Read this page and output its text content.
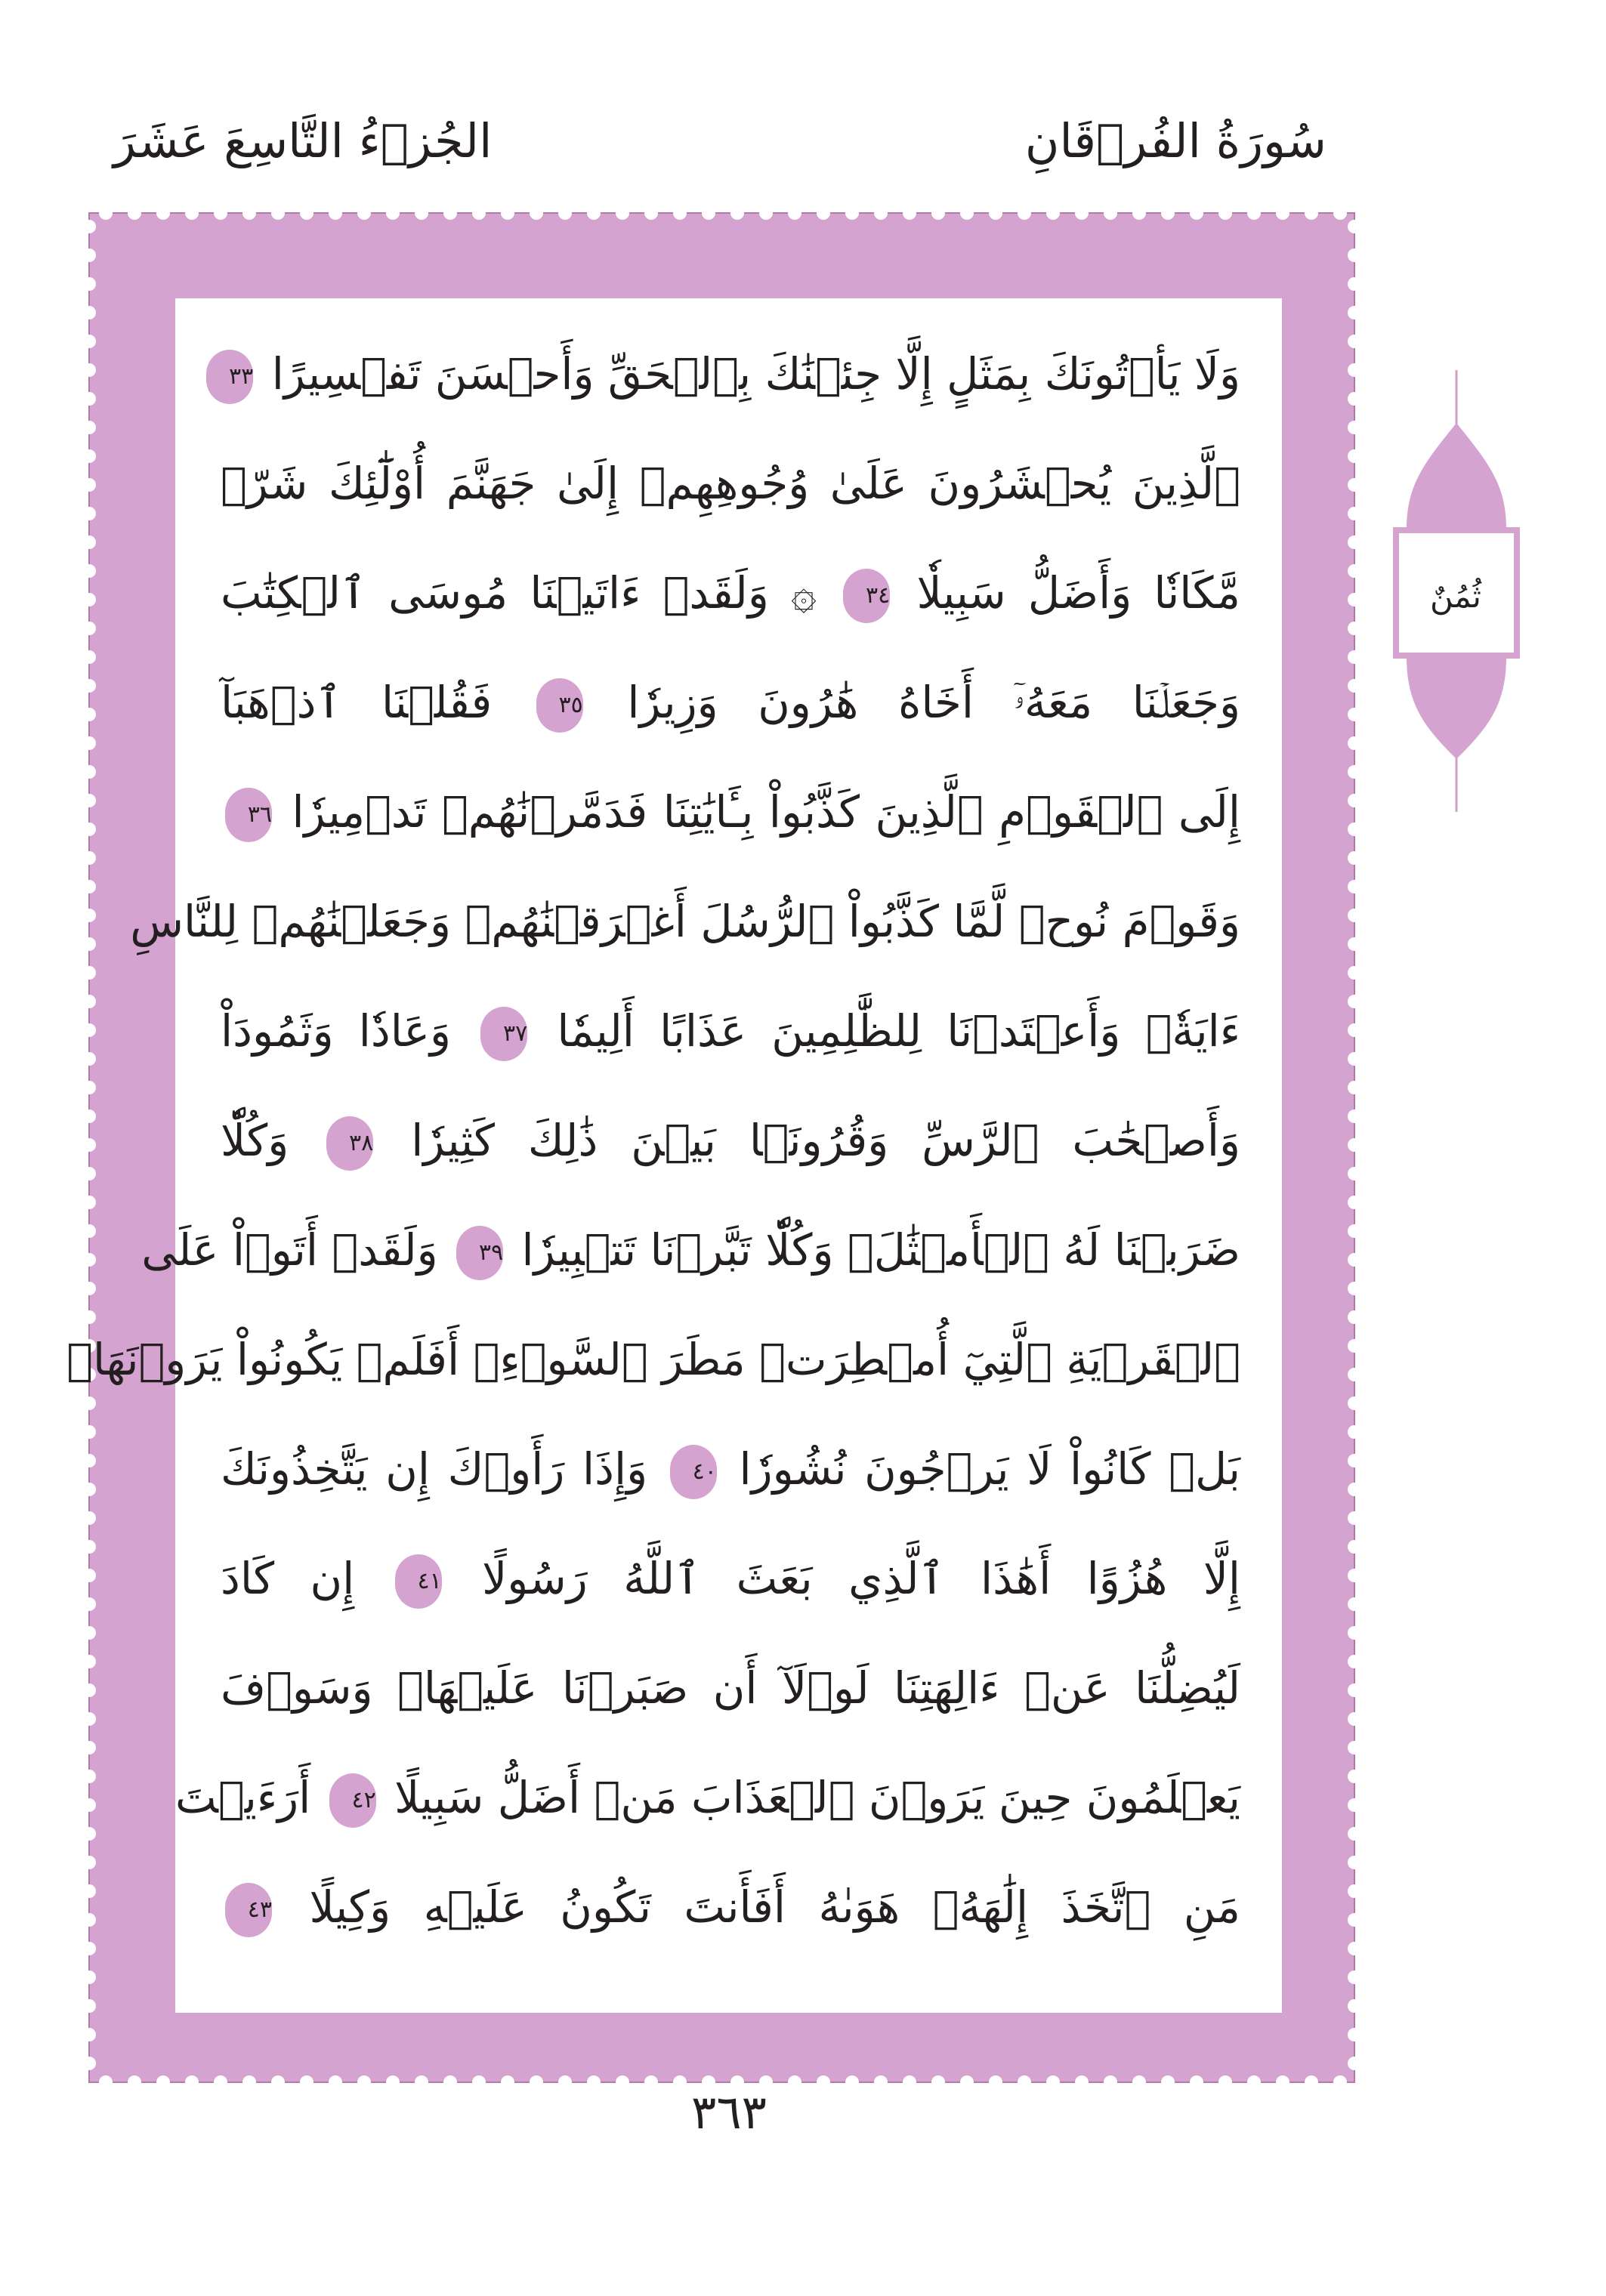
سُورَةُ الفُرۡقَانِ
الجُزۡءُ التَّاسِعَ عَشَرَ
ثُمُنٌ
وَلَا يَأۡتُونَكَ بِمَثَلٍ إِلَّا جِئۡنَٰكَ بِٱلۡحَقِّ وَأَحۡسَنَ تَفۡسِيرًا ٣٣
ٱلَّذِينَ يُحۡشَرُونَ عَلَىٰ وُجُوهِهِمۡ إِلَىٰ جَهَنَّمَ أُوْلَٰٓئِكَ شَرّٞ
مَّكَانٗا وَأَضَلُّ سَبِيلٗا ٣٤ ۞ وَلَقَدۡ ءَاتَيۡنَا مُوسَى ٱلۡكِتَٰبَ
وَجَعَلۡنَا مَعَهُۥٓ أَخَاهُ هَٰرُونَ وَزِيرٗا ٣٥ فَقُلۡنَا ٱذۡهَبَآ
إِلَى ٱلۡقَوۡمِ ٱلَّذِينَ كَذَّبُواْ بِـَٔايَٰتِنَا فَدَمَّرۡنَٰهُمۡ تَدۡمِيرٗا ٣٦
وَقَوۡمَ نُوحٖ لَّمَّا كَذَّبُواْ ٱلرُّسُلَ أَغۡرَقۡنَٰهُمۡ وَجَعَلۡنَٰهُمۡ لِلنَّاسِ
ءَايَةٗۖ وَأَعۡتَدۡنَا لِلظَّٰلِمِينَ عَذَابًا أَلِيمٗا ٣٧ وَعَادٗا وَثَمُودَاْ
وَأَصۡحَٰبَ ٱلرَّسِّ وَقُرُونَۢا بَيۡنَ ذَٰلِكَ كَثِيرٗا ٣٨ وَكُلّٗا
ضَرَبۡنَا لَهُ ٱلۡأَمۡثَٰلَۖ وَكُلّٗا تَبَّرۡنَا تَتۡبِيرٗا ٣٩ وَلَقَدۡ أَتَوۡاْ عَلَى
ٱلۡقَرۡيَةِ ٱلَّتِيٓ أُمۡطِرَتۡ مَطَرَ ٱلسَّوۡءِۚ أَفَلَمۡ يَكُونُواْ يَرَوۡنَهَاۚ
بَلۡ كَانُواْ لَا يَرۡجُونَ نُشُورٗا ٤٠ وَإِذَا رَأَوۡكَ إِن يَتَّخِذُونَكَ
إِلَّا هُزُوًا أَهَٰذَا ٱلَّذِي بَعَثَ ٱللَّهُ رَسُولًا ٤١ إِن كَادَ
لَيُضِلُّنَا عَنۡ ءَالِهَتِنَا لَوۡلَآ أَن صَبَرۡنَا عَلَيۡهَاۚ وَسَوۡفَ
يَعۡلَمُونَ حِينَ يَرَوۡنَ ٱلۡعَذَابَ مَنۡ أَضَلُّ سَبِيلًا ٤٢ أَرَءَيۡتَ
مَنِ ٱتَّخَذَ إِلَٰهَهُۥ هَوَىٰهُ أَفَأَنتَ تَكُونُ عَلَيۡهِ وَكِيلًا ٤٣
٣٦٣
